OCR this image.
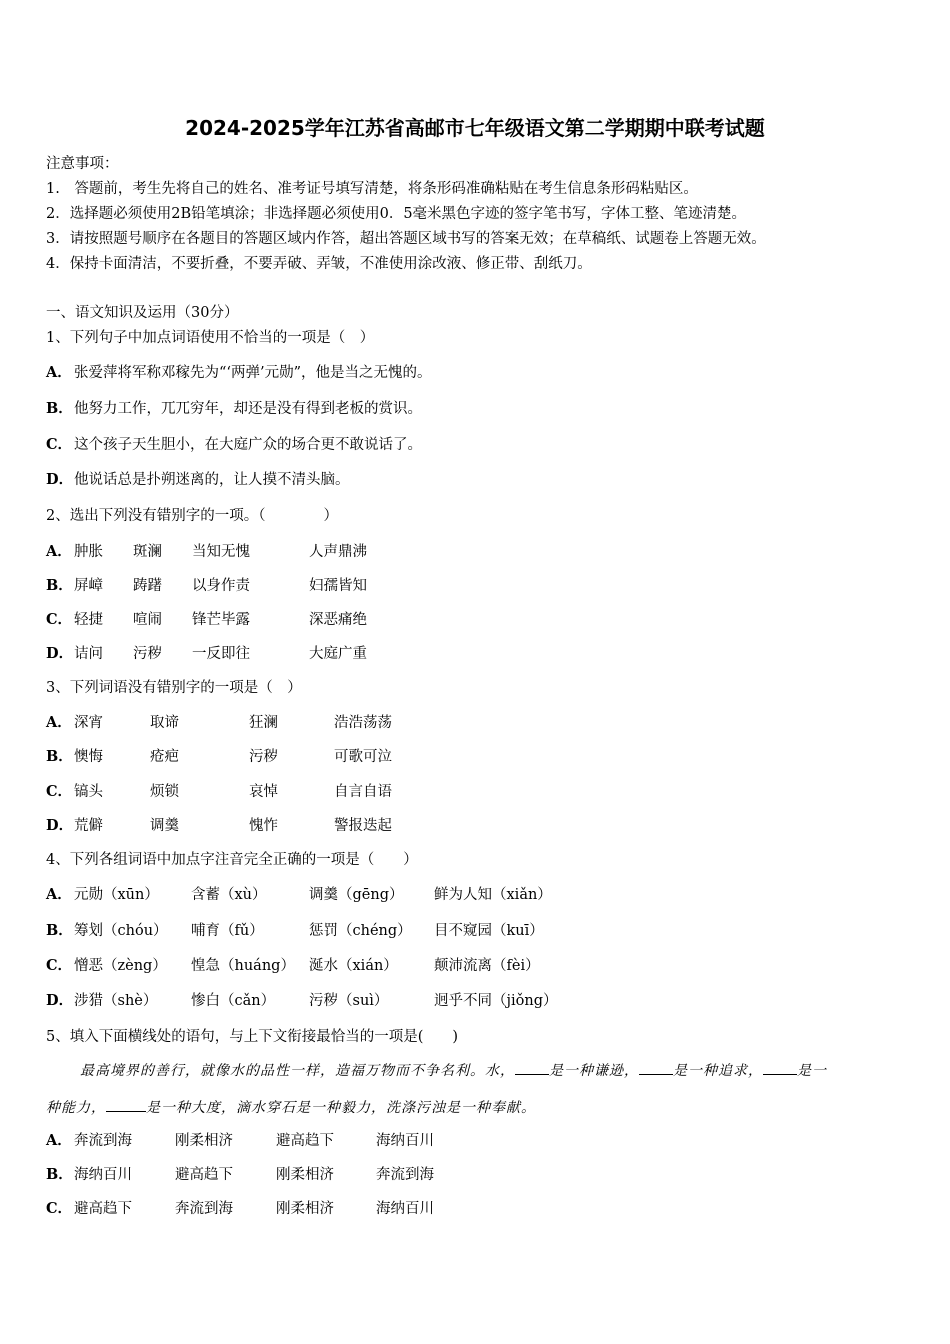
2024-2025学年江苏省高邮市七年级语文第二学期期中联考试题
注意事项：
1.　答题前，考生先将自己的姓名、准考证号填写清楚，将条形码准确粘贴在考生信息条形码粘贴区。
2．选择题必须使用2B铅笔填涂；非选择题必须使用0．5毫米黑色字迹的签字笔书写，字体工整、笔迹清楚。
3．请按照题号顺序在各题目的答题区域内作答，超出答题区域书写的答案无效；在草稿纸、试题卷上答题无效。
4．保持卡面清洁，不要折叠，不要弄破、弄皱，不准使用涂改液、修正带、刮纸刀。
一、语文知识及运用（30分）
1、下列句子中加点词语使用不恰当的一项是（　）
A． 张爱萍将军称邓稼先为“‘两弹’元勋”，他是当之无愧的。
B．他努力工作，兀兀穷年，却还是没有得到老板的赏识。
C． 这个孩子天生胆小，在大庭广众的场合更不敢说话了。
D．他说话总是扑朔迷离的，让人摸不清头脑。
2、选出下列没有错别字的一项。（　　　　）
A． 肿胀 斑澜 当知无愧	人声鼎沸
B． 屏嶂 踌躇 以身作责	妇孺皆知
C． 轻捷 喧闹 锋芒毕露	深恶痛绝
D． 诘问 污秽 一反即往	大庭广重
3、下列词语没有错别字的一项是（　）
A． 深宵	取谛	狂澜	浩浩荡荡
B． 懊悔	疮疤	污秽	可歌可泣
C． 镐头	烦锁	哀悼	自言自语
D． 荒僻	调羹	愧怍	警报迭起
4、下列各组词语中加点字注音完全正确的一项是（　　）
A． 元勋（xūn） 含蓄（xù）	调羹（gēng） 鲜为人知（xiǎn）
B． 筹划（chóu） 哺育（fǔ）	惩罚（chéng） 目不窥园（kuī）
C． 憎恶（zèng） 惶急（huáng） 涎水（xián） 颠沛流离（fèi）
D． 涉猎（shè） 惨白（cǎn） 污秽（suì）	迥乎不同（jiǒng）
5、填入下面横线处的语句，与上下文衔接最恰当的一项是(　　)
最高境界的善行，就像水的品性一样，造福万物而不争名利。水， 是一种谦逊， 是一种追求， 是一
种能力，	是一种大度，滴水穿石是一种毅力，洗涤污浊是一种奉献。
A． 奔流到海	刚柔相济	避高趋下	海纳百川
B． 海纳百川	避高趋下	刚柔相济	奔流到海
C． 避高趋下	奔流到海	刚柔相济	海纳百川
